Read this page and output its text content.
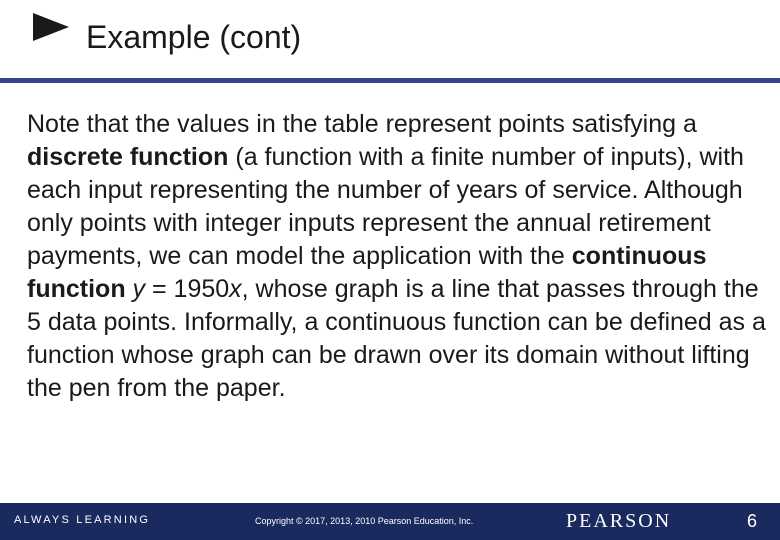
Example (cont)
Note that the values in the table represent points satisfying a discrete function (a function with a finite number of inputs), with each input representing the number of years of service. Although only points with integer inputs represent the annual retirement payments, we can model the application with the continuous function y = 1950x, whose graph is a line that passes through the 5 data points. Informally, a continuous function can be defined as a function whose graph can be drawn over its domain without lifting the pen from the paper.
ALWAYS LEARNING	Copyright © 2017, 2013, 2010 Pearson Education, Inc.	PEARSON	6
